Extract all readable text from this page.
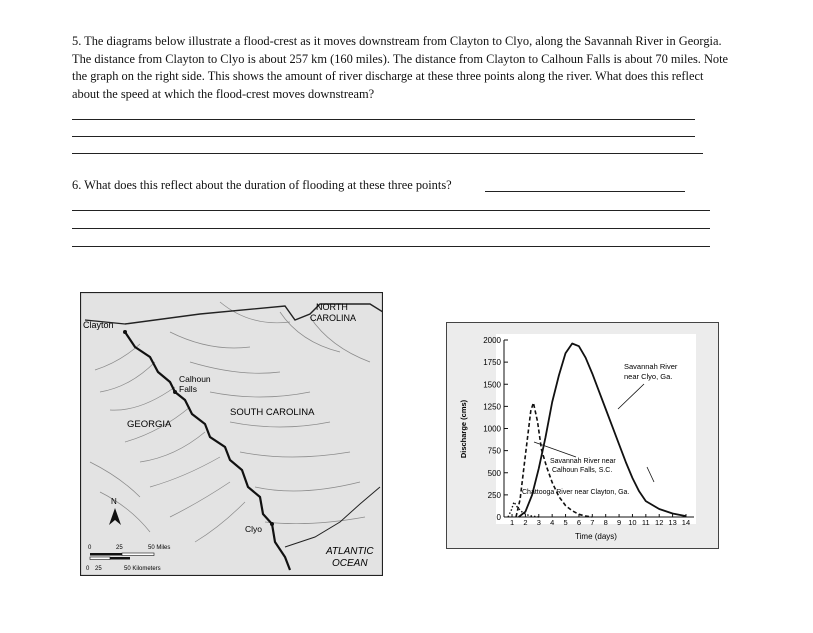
5. The diagrams below illustrate a flood-crest as it moves downstream from Clayton to Clyo, along the Savannah River in Georgia. The distance from Clayton to Clyo is about 257 km (160 miles). The distance from Clayton to Calhoun Falls is about 70 miles. Note the graph on the right side. This shows the amount of river discharge at these three points along the river. What does this reflect about the speed at which the flood-crest moves downstream?
6. What does this reflect about the duration of flooding at these three points?
NORTH
CAROLINA
Clayton
Calhoun
Falls
SOUTH CAROLINA
GEORGIA
Clyo
ATLANTIC
OCEAN
N
0	25	50 Miles
0 25	50 Kilometers
0
250
500
750
1000
1250
1500
1750
2000
1 2 3 4 5 6 7 8 9 10 11 12 13 14
Discharge (cms)
Time (days)
Savannah River
near Clyo, Ga.
Savannah River near
Calhoun Falls, S.C.
Chattooga River near Clayton, Ga.
